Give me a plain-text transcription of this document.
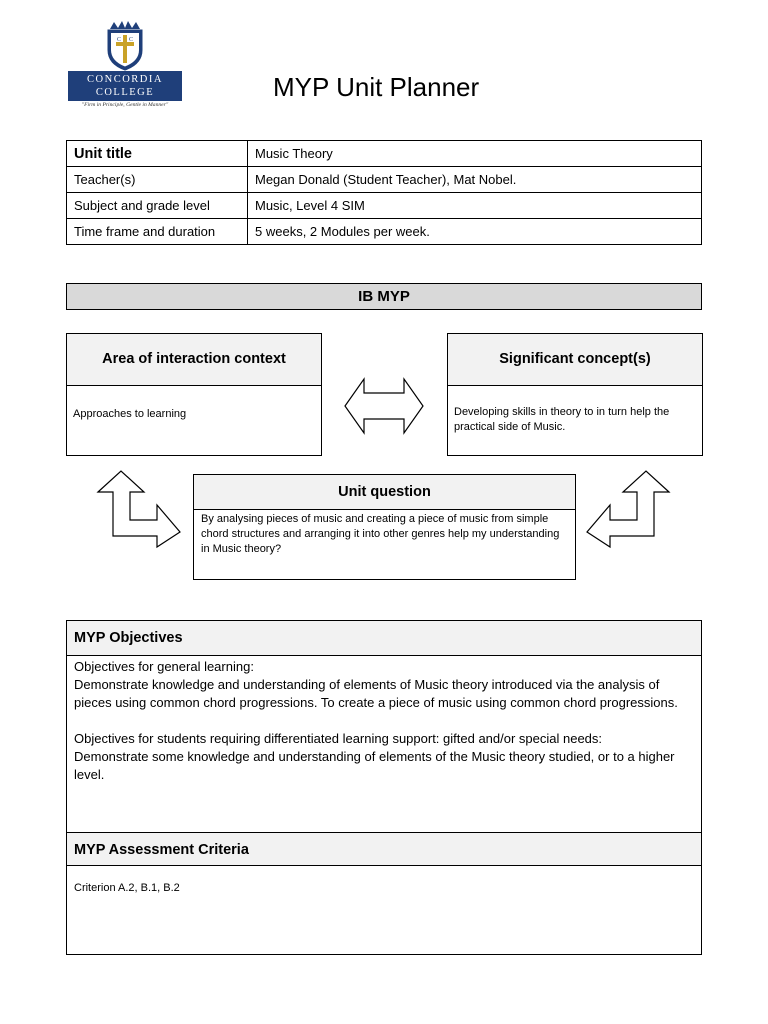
C C
CONCORDIA
COLLEGE
"Firm in Principle, Gentle in Manner"
MYP Unit Planner
Unit title	Music Theory
Teacher(s)	Megan Donald (Student Teacher), Mat Nobel.
Subject and grade level	Music, Level 4 SIM
Time frame and duration	5 weeks, 2 Modules per week.
IB MYP
Area of interaction context
Approaches to learning
Significant concept(s)
Developing skills in theory to in turn help the practical side of Music.
Unit question
By analysing pieces of music and creating a piece of music from simple chord structures and arranging it into other genres help my understanding in Music theory?
MYP Objectives

Objectives for general learning:
Demonstrate knowledge and understanding of elements of Music theory introduced via the analysis of pieces using common chord progressions. To create a piece of music using common chord progressions.

Objectives for students requiring differentiated learning support: gifted and/or special needs:
Demonstrate some knowledge and understanding of elements of the Music theory studied, or to a higher level.

MYP Assessment Criteria
Criterion A.2, B.1, B.2
